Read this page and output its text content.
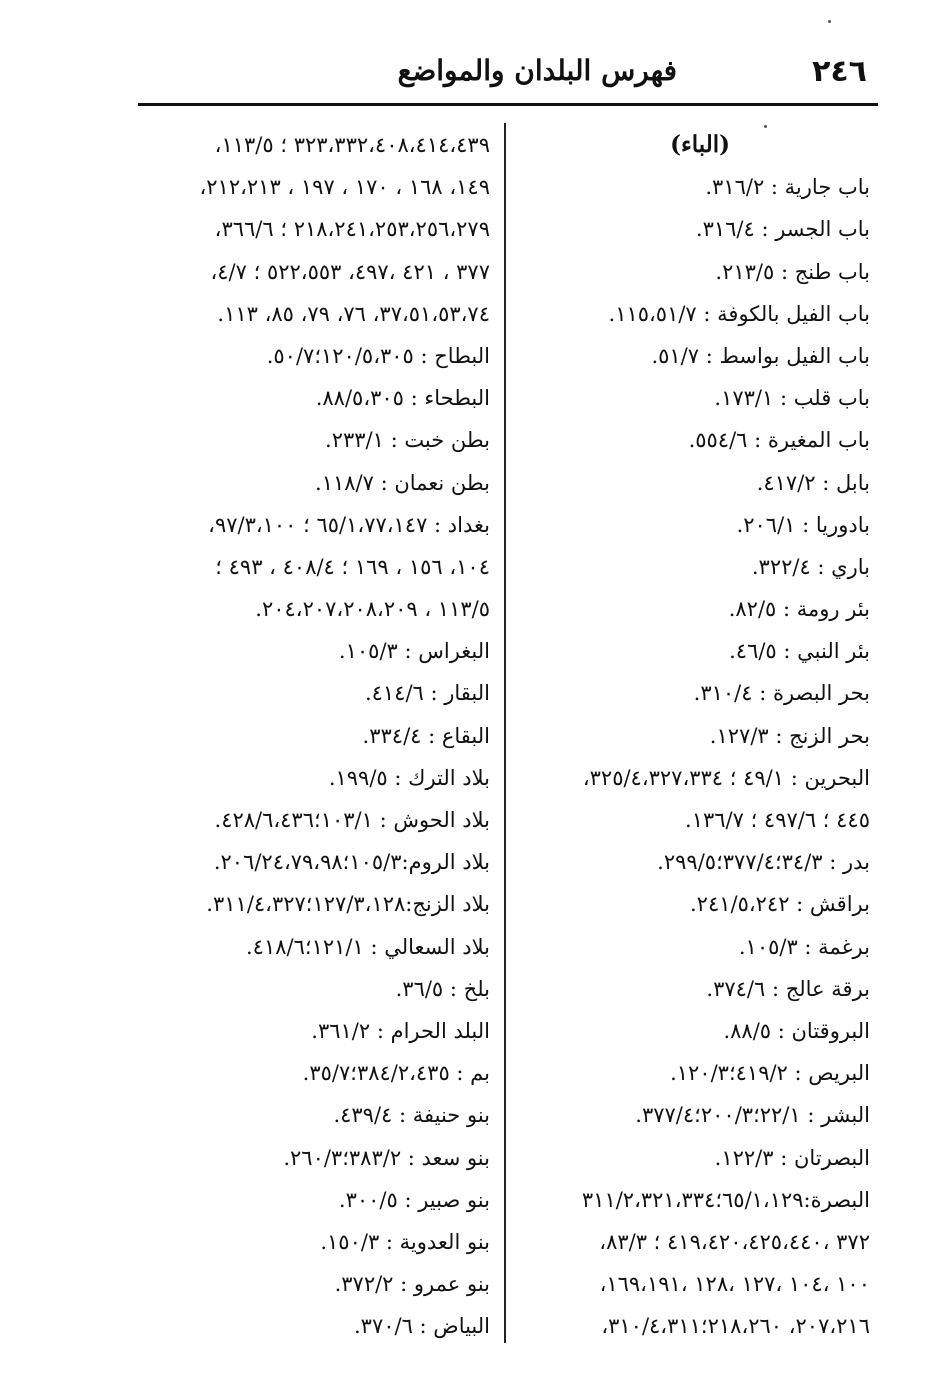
٢٤٦
فهرس البلدان والمواضع
(الباء)
باب جارية : ٣١٦/٢.
باب الجسر : ٣١٦/٤.
باب طنج : ٢١٣/٥.
باب الفيل بالكوفة : ١١٥،٥١/٧.
باب الفيل بواسط : ٥١/٧.
باب قلب : ١٧٣/١.
باب المغيرة : ٥٥٤/٦.
بابل : ٤١٧/٢.
بادوريا : ٢٠٦/١.
باري : ٣٢٢/٤.
بئر رومة : ٨٢/٥.
بئر النبي : ٤٦/٥.
بحر البصرة : ٣١٠/٤.
بحر الزنج : ١٢٧/٣.
البحرين : ٤٩/١ ؛ ٣٢٥/٤،٣٢٧،٣٣٤،
٤٤٥ ؛ ٤٩٧/٦ ؛ ١٣٦/٧.
بدر : ٣٤/٣؛٣٧٧/٤؛٢٩٩/٥.
براقش : ٢٤١/٥،٢٤٢.
برغمة : ١٠٥/٣.
برقة عالج : ٣٧٤/٦.
البروقتان : ٨٨/٥.
البريص : ٤١٩/٢؛١٢٠/٣.
البشر : ٢٢/١؛٢٠٠/٣؛٣٧٧/٤.
البصرتان : ١٢٢/٣.
البصرة:٦٥/١،١٢٩؛٣١١/٢،٣٢١،٣٣٤
٣٧٢ ،٤١٩،٤٢٠،٤٢٥،٤٤٠ ؛ ٨٣/٣،
١٠٠ ،١٠٤ ،١٢٧ ،١٢٨ ،١٦٩،١٩١،
٢٠٧،٢١٦، ٢١٨،٢٦٠؛٣١٠/٤،٣١١،
٣٢٣،٣٣٢،٤٠٨،٤١٤،٤٣٩ ؛ ١١٣/٥،
١٤٩، ١٦٨ ، ١٧٠ ، ١٩٧ ، ٢١٢،٢١٣،
٢١٨،٢٤١،٢٥٣،٢٥٦،٢٧٩ ؛ ٣٦٦/٦،
٣٧٧ ، ٤٢١ ،٤٩٧، ٥٢٢،٥٥٣ ؛ ٤/٧،
٣٧،٥١،٥٣،٧٤، ٧٦، ٧٩، ٨٥، ١١٣.
البطاح : ١٢٠/٥،٣٠٥؛٥٠/٧.
البطحاء : ٨٨/٥،٣٠٥.
بطن خبت : ٢٣٣/١.
بطن نعمان : ١١٨/٧.
بغداد : ٦٥/١،٧٧،١٤٧ ؛ ٩٧/٣،١٠٠،
١٠٤، ١٥٦ ، ١٦٩ ؛ ٤٠٨/٤ ، ٤٩٣ ؛
١١٣/٥ ، ٢٠٤،٢٠٧،٢٠٨،٢٠٩.
البغراس : ١٠٥/٣.
البقار : ٤١٤/٦.
البقاع : ٣٣٤/٤.
بلاد الترك : ١٩٩/٥.
بلاد الحوش : ١٠٣/١؛٤٢٨/٦،٤٣٦.
بلاد الروم:١٠٥/٣؛٢٠٦/٢٤،٧٩،٩٨.
بلاد الزنج:١٢٧/٣،١٢٨؛٣١١/٤،٣٢٧.
بلاد السعالي : ١٢١/١؛٤١٨/٦.
بلخ : ٣٦/٥.
البلد الحرام : ٣٦١/٢.
بم : ٣٨٤/٢،٤٣٥؛٣٥/٧.
بنو حنيفة : ٤٣٩/٤.
بنو سعد : ٣٨٣/٢؛٢٦٠/٣.
بنو صبير : ٣٠٠/٥.
بنو العدوية : ١٥٠/٣.
بنو عمرو : ٣٧٢/٢.
البياض : ٣٧٠/٦.
